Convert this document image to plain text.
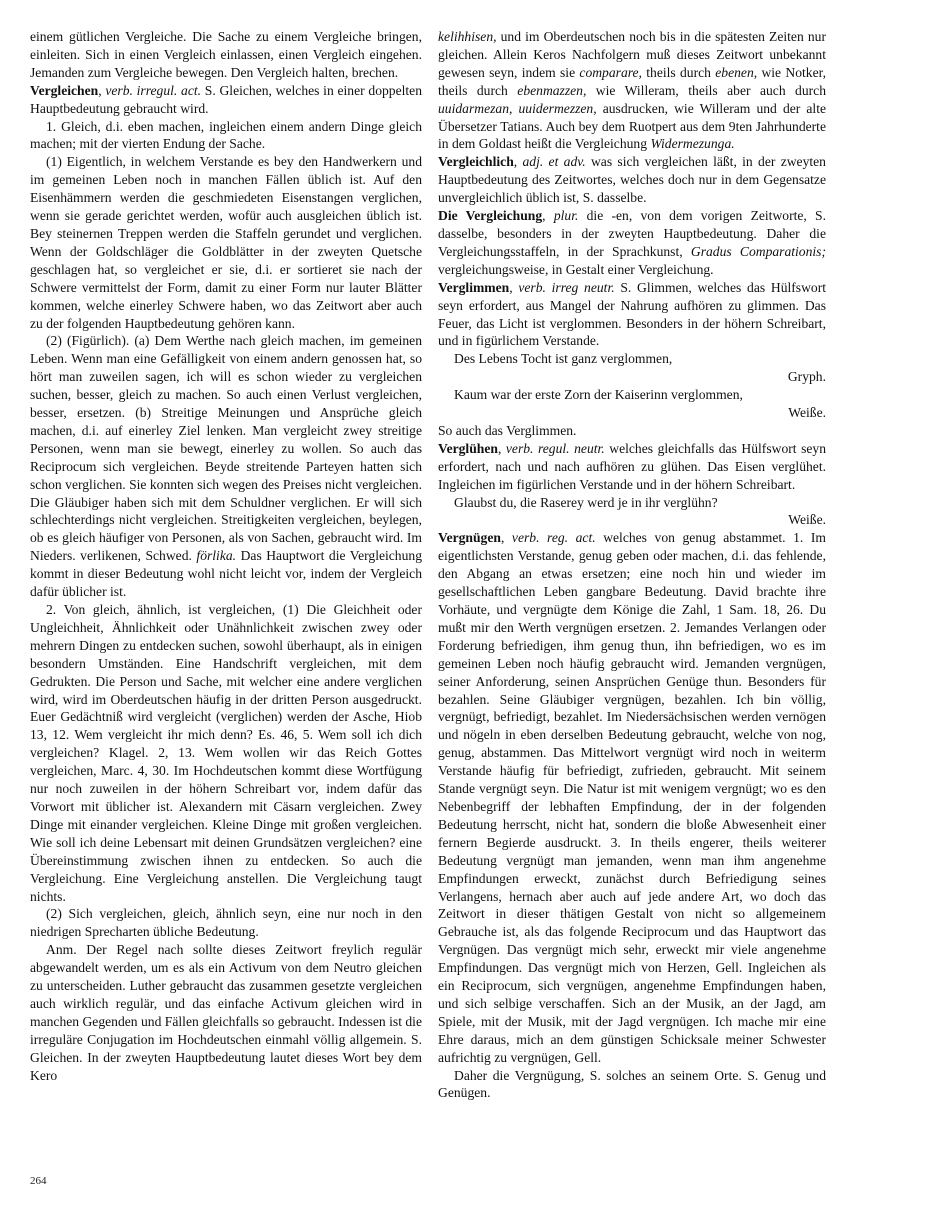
einem gütlichen Vergleiche. Die Sache zu einem Vergleiche bringen, einleiten. Sich in einen Vergleich einlassen, einen Vergleich eingehen. Jemanden zum Vergleiche bewegen. Den Vergleich halten, brechen.

Vergleichen, verb. irregul. act. S. Gleichen, welches in einer doppelten Hauptbedeutung gebraucht wird.

1. Gleich, d.i. eben machen, ingleichen einem andern Dinge gleich machen; mit der vierten Endung der Sache.

(1) Eigentlich, in welchem Verstande es bey den Handwerkern und im gemeinen Leben noch in manchen Fällen üblich ist. Auf den Eisenhämmern werden die geschmiedeten Eisenstangen verglichen, wenn sie gerade gerichtet werden, wofür auch ausgleichen üblich ist. Bey steinernen Treppen werden die Staffeln gerundet und verglichen. Wenn der Goldschläger die Goldblätter in der zweyten Quetsche geschlagen hat, so vergleichet er sie, d.i. er sortieret sie nach der Schwere vermittelst der Form, damit zu einer Form nur lauter Blätter kommen, welche einerley Schwere haben, wo das Zeitwort aber auch zu der folgenden Hauptbedeutung gehören kann.

(2) (Figürlich). (a) Dem Werthe nach gleich machen, im gemeinen Leben. Wenn man eine Gefälligkeit von einem andern genossen hat, so hört man zuweilen sagen, ich will es schon wieder zu vergleichen suchen, besser, gleich zu machen. So auch einen Verlust vergleichen, besser, ersetzen. (b) Streitige Meinungen und Ansprüche gleich machen, d.i. auf einerley Ziel lenken. Man vergleicht zwey streitige Personen, wenn man sie bewegt, einerley zu wollen. So auch das Reciprocum sich vergleichen. Beyde streitende Parteyen hatten sich schon verglichen. Sie konnten sich wegen des Preises nicht vergleichen. Die Gläubiger haben sich mit dem Schuldner verglichen. Er will sich schlechterdings nicht vergleichen. Streitigkeiten vergleichen, beylegen, ob es gleich häufiger von Personen, als von Sachen, gebraucht wird. Im Nieders. verlikenen, Schwed. förlika. Das Hauptwort die Vergleichung kommt in dieser Bedeutung wohl nicht leicht vor, indem der Vergleich dafür üblicher ist.

2. Von gleich, ähnlich, ist vergleichen, (1) Die Gleichheit oder Ungleichheit, Ähnlichkeit oder Unähnlichkeit zwischen zwey oder mehrern Dingen zu entdecken suchen, sowohl überhaupt, als in einigen besondern Umständen. Eine Handschrift vergleichen, mit dem Gedrukten. Die Person und Sache, mit welcher eine andere verglichen wird, wird im Oberdeutschen häufig in der dritten Person ausgedruckt. Euer Gedächtniß wird vergleicht (verglichen) werden der Asche, Hiob 13, 12. Wem vergleicht ihr mich denn? Es. 46, 5. Wem soll ich dich vergleichen? Klagel. 2, 13. Wem wollen wir das Reich Gottes vergleichen, Marc. 4, 30. Im Hochdeutschen kommt diese Wortfügung nur noch zuweilen in der höhern Schreibart vor, indem dafür das Vorwort mit üblicher ist. Alexandern mit Cäsarn vergleichen. Zwey Dinge mit einander vergleichen. Kleine Dinge mit großen vergleichen. Wie soll ich deine Lebensart mit deinen Grundsätzen vergleichen? eine Übereinstimmung zwischen ihnen zu entdecken. So auch die Vergleichung. Eine Vergleichung anstellen. Die Vergleichung taugt nichts.

(2) Sich vergleichen, gleich, ähnlich seyn, eine nur noch in den niedrigen Sprecharten übliche Bedeutung.

Anm. Der Regel nach sollte dieses Zeitwort freylich regulär abgewandelt werden, um es als ein Activum von dem Neutro gleichen zu unterscheiden. Luther gebraucht das zusammen gesetzte vergleichen auch wirklich regulär, und das einfache Activum gleichen wird in manchen Gegenden und Fällen gleichfalls so gebraucht. Indessen ist die irreguläre Conjugation im Hochdeutschen einmahl völlig allgemein. S. Gleichen. In der zweyten Hauptbedeutung lautet dieses Wort bey dem Kero

kelihhisen, und im Oberdeutschen noch bis in die spätesten Zeiten nur gleichen. Allein Keros Nachfolgern muß dieses Zeitwort unbekannt gewesen seyn, indem sie comparare, theils durch ebenen, wie Notker, theils durch ebenmazzen, wie Willeram, theils aber auch durch uuidarmezan, uuidermezzen, ausdrucken, wie Willeram und der alte Übersetzer Tatians. Auch bey dem Ruotpert aus dem 9ten Jahrhunderte in dem Goldast heißt die Vergleichung Widermezunga.

Vergleichlich, adj. et adv. was sich vergleichen läßt, in der zweyten Hauptbedeutung des Zeitwortes, welches doch nur in dem Gegensatze unvergleichlich üblich ist, S. dasselbe.

Die Vergleichung, plur. die -en, von dem vorigen Zeitworte, S. dasselbe, besonders in der zweyten Hauptbedeutung. Daher die Vergleichungsstaffeln, in der Sprachkunst, Gradus Comparationis; vergleichungsweise, in Gestalt einer Vergleichung.

Verglimmen, verb. irreg neutr. S. Glimmen, welches das Hülfswort seyn erfordert, aus Mangel der Nahrung aufhören zu glimmen. Das Feuer, das Licht ist verglommen. Besonders in der höhern Schreibart, und in figürlichem Verstande.

Des Lebens Tocht ist ganz verglommen,

Gryph.

Kaum war der erste Zorn der Kaiserinn verglommen,

Weiße.

So auch das Verglimmen.

Verglühen, verb. regul. neutr. welches gleichfalls das Hülfswort seyn erfordert, nach und nach aufhören zu glühen. Das Eisen verglühet. Ingleichen im figürlichen Verstande und in der höhern Schreibart.

Glaubst du, die Raserey werd je in ihr verglühn?

Weiße.

Vergnügen, verb. reg. act. welches von genug abstammet. 1. Im eigentlichsten Verstande, genug geben oder machen, d.i. das fehlende, den Abgang an etwas ersetzen; eine noch hin und wieder im gesellschaftlichen Leben gangbare Bedeutung. David brachte ihre Vorhäute, und vergnügte dem Könige die Zahl, 1 Sam. 18, 26. Du mußt mir den Werth vergnügen ersetzen. 2. Jemandes Verlangen oder Forderung befriedigen, ihm genug thun, ihn befriedigen, wo es im gemeinen Leben noch häufig gebraucht wird. Jemanden vergnügen, seiner Anforderung, seinen Ansprüchen Genüge thun. Besonders für bezahlen. Seine Gläubiger vergnügen, bezahlen. Ich bin völlig, vergnügt, befriedigt, bezahlet. Im Niedersächsischen werden vernögen und nögeln in eben derselben Bedeutung gebraucht, welche von nog, genug, abstammen. Das Mittelwort vergnügt wird noch in weiterm Verstande häufig für befriedigt, zufrieden, gebraucht. Mit seinem Stande vergnügt seyn. Die Natur ist mit wenigem vergnügt; wo es den Nebenbegriff der lebhaften Empfindung, der in der folgenden Bedeutung herrscht, nicht hat, sondern die bloße Abwesenheit einer fernern Begierde ausdruckt. 3. In theils engerer, theils weiterer Bedeutung vergnügt man jemanden, wenn man ihm angenehme Empfindungen erweckt, zunächst durch Befriedigung seines Verlangens, hernach aber auch auf jede andere Art, wo doch das Zeitwort in dieser thätigen Gestalt von nicht so allgemeinem Gebrauche ist, als das folgende Reciprocum und das Hauptwort das Vergnügen. Das vergnügt mich sehr, erweckt mir viele angenehme Empfindungen. Das vergnügt mich von Herzen, Gell. Ingleichen als ein Reciprocum, sich vergnügen, angenehme Empfindungen haben, und sich selbige verschaffen. Sich an der Musik, an der Jagd, am Spiele, mit der Musik, mit der Jagd vergnügen. Ich mache mir eine Ehre daraus, mich an dem günstigen Schicksale meiner Schwester aufrichtig zu vergnügen, Gell.

Daher die Vergnügung, S. solches an seinem Orte. S. Genug und Genügen.

264
